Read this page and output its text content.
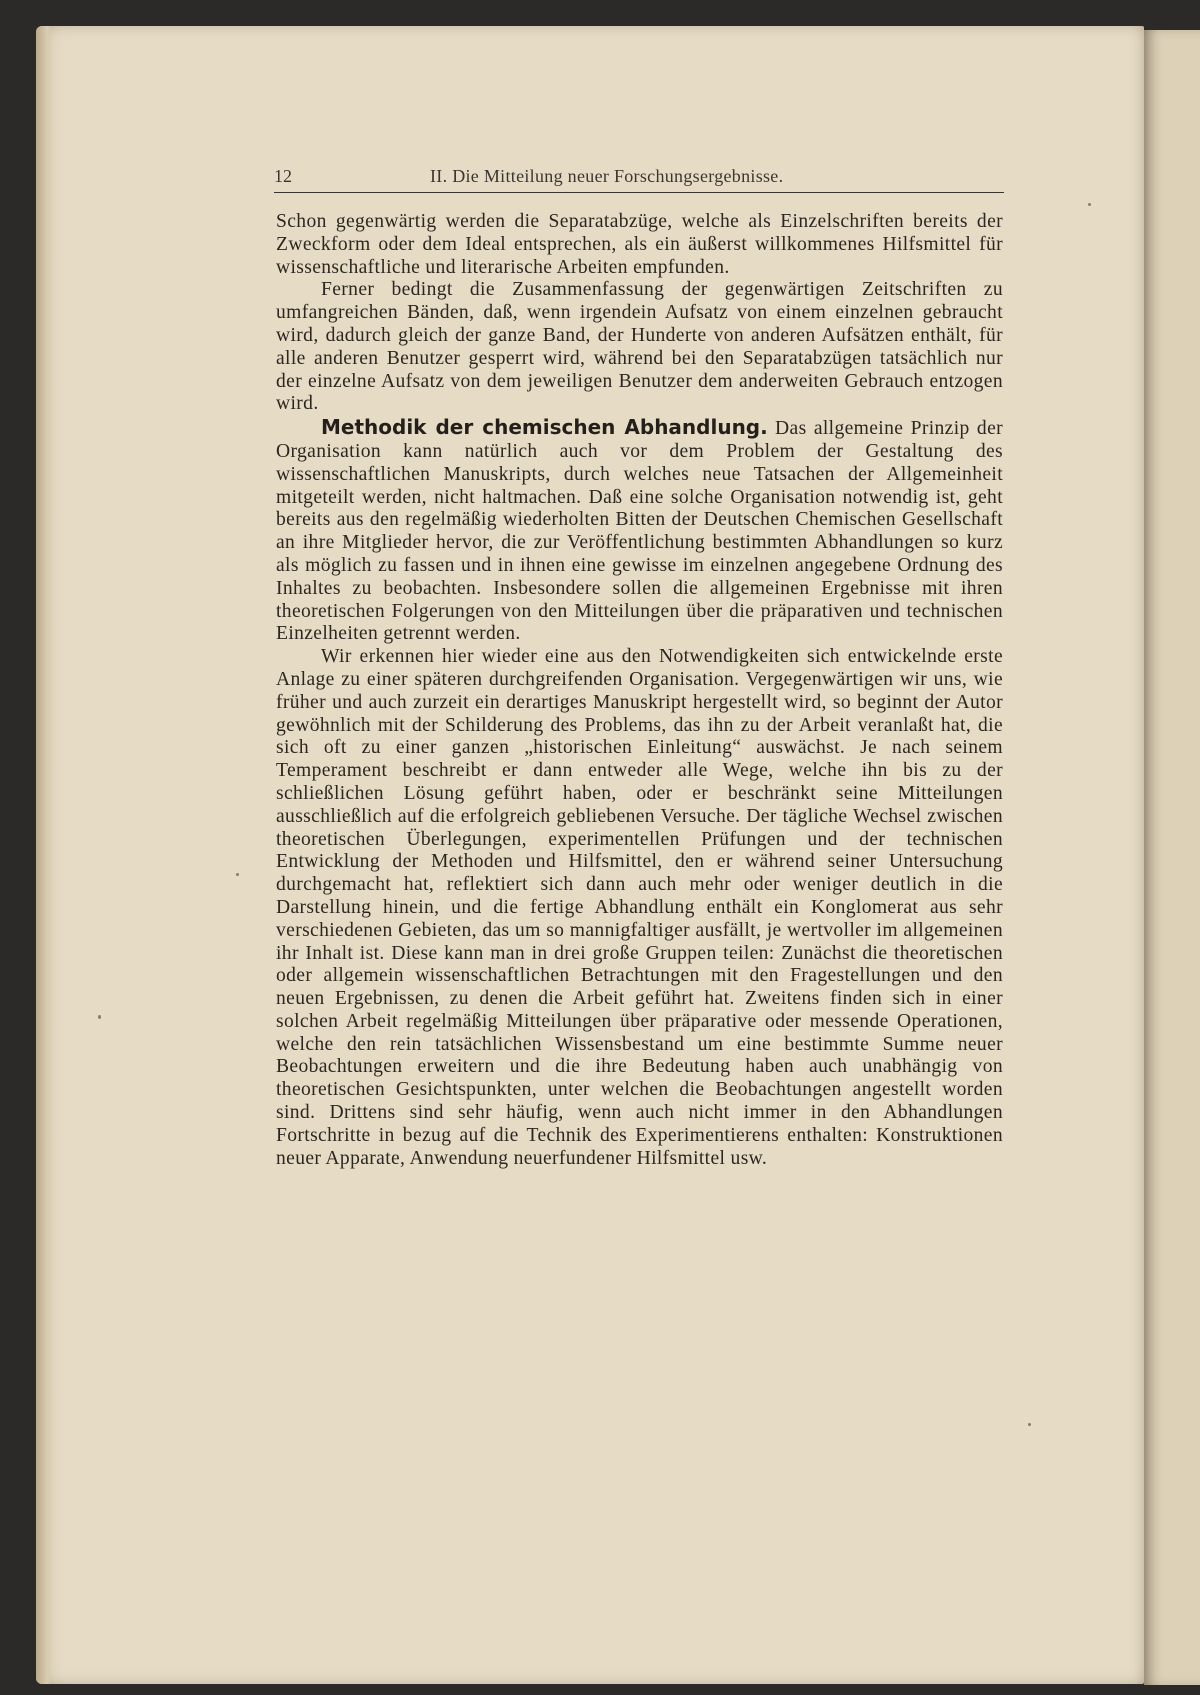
12	II. Die Mitteilung neuer Forschungsergebnisse.

Schon gegenwärtig werden die Separatabzüge, welche als Einzelschriften bereits der Zweckform oder dem Ideal entsprechen, als ein äußerst willkommenes Hilfsmittel für wissenschaftliche und literarische Arbeiten empfunden.

Ferner bedingt die Zusammenfassung der gegenwärtigen Zeitschriften zu umfangreichen Bänden, daß, wenn irgendein Aufsatz von einem einzelnen gebraucht wird, dadurch gleich der ganze Band, der Hunderte von anderen Aufsätzen enthält, für alle anderen Benutzer gesperrt wird, während bei den Separatabzügen tatsächlich nur der einzelne Aufsatz von dem jeweiligen Benutzer dem anderweiten Gebrauch entzogen wird.

Methodik der chemischen Abhandlung. Das allgemeine Prinzip der Organisation kann natürlich auch vor dem Problem der Gestaltung des wissenschaftlichen Manuskripts, durch welches neue Tatsachen der Allgemeinheit mitgeteilt werden, nicht haltmachen. Daß eine solche Organisation notwendig ist, geht bereits aus den regelmäßig wiederholten Bitten der Deutschen Chemischen Gesellschaft an ihre Mitglieder hervor, die zur Veröffentlichung bestimmten Abhandlungen so kurz als möglich zu fassen und in ihnen eine gewisse im einzelnen angegebene Ordnung des Inhaltes zu beobachten. Insbesondere sollen die allgemeinen Ergebnisse mit ihren theoretischen Folgerungen von den Mitteilungen über die präparativen und technischen Einzelheiten getrennt werden.

Wir erkennen hier wieder eine aus den Notwendigkeiten sich entwickelnde erste Anlage zu einer späteren durchgreifenden Organisation. Vergegenwärtigen wir uns, wie früher und auch zurzeit ein derartiges Manuskript hergestellt wird, so beginnt der Autor gewöhnlich mit der Schilderung des Problems, das ihn zu der Arbeit veranlaßt hat, die sich oft zu einer ganzen „historischen Einleitung“ auswächst. Je nach seinem Temperament beschreibt er dann entweder alle Wege, welche ihn bis zu der schließlichen Lösung geführt haben, oder er beschränkt seine Mitteilungen ausschließlich auf die erfolgreich gebliebenen Versuche. Der tägliche Wechsel zwischen theoretischen Überlegungen, experimentellen Prüfungen und der technischen Entwicklung der Methoden und Hilfsmittel, den er während seiner Untersuchung durchgemacht hat, reflektiert sich dann auch mehr oder weniger deutlich in die Darstellung hinein, und die fertige Abhandlung enthält ein Konglomerat aus sehr verschiedenen Gebieten, das um so mannigfaltiger ausfällt, je wertvoller im allgemeinen ihr Inhalt ist. Diese kann man in drei große Gruppen teilen: Zunächst die theoretischen oder allgemein wissenschaftlichen Betrachtungen mit den Fragestellungen und den neuen Ergebnissen, zu denen die Arbeit geführt hat. Zweitens finden sich in einer solchen Arbeit regelmäßig Mitteilungen über präparative oder messende Operationen, welche den rein tatsächlichen Wissensbestand um eine bestimmte Summe neuer Beobachtungen erweitern und die ihre Bedeutung haben auch unabhängig von theoretischen Gesichtspunkten, unter welchen die Beobachtungen angestellt worden sind. Drittens sind sehr häufig, wenn auch nicht immer in den Abhandlungen Fortschritte in bezug auf die Technik des Experimentierens enthalten: Konstruktionen neuer Apparate, Anwendung neuerfundener Hilfsmittel usw.
